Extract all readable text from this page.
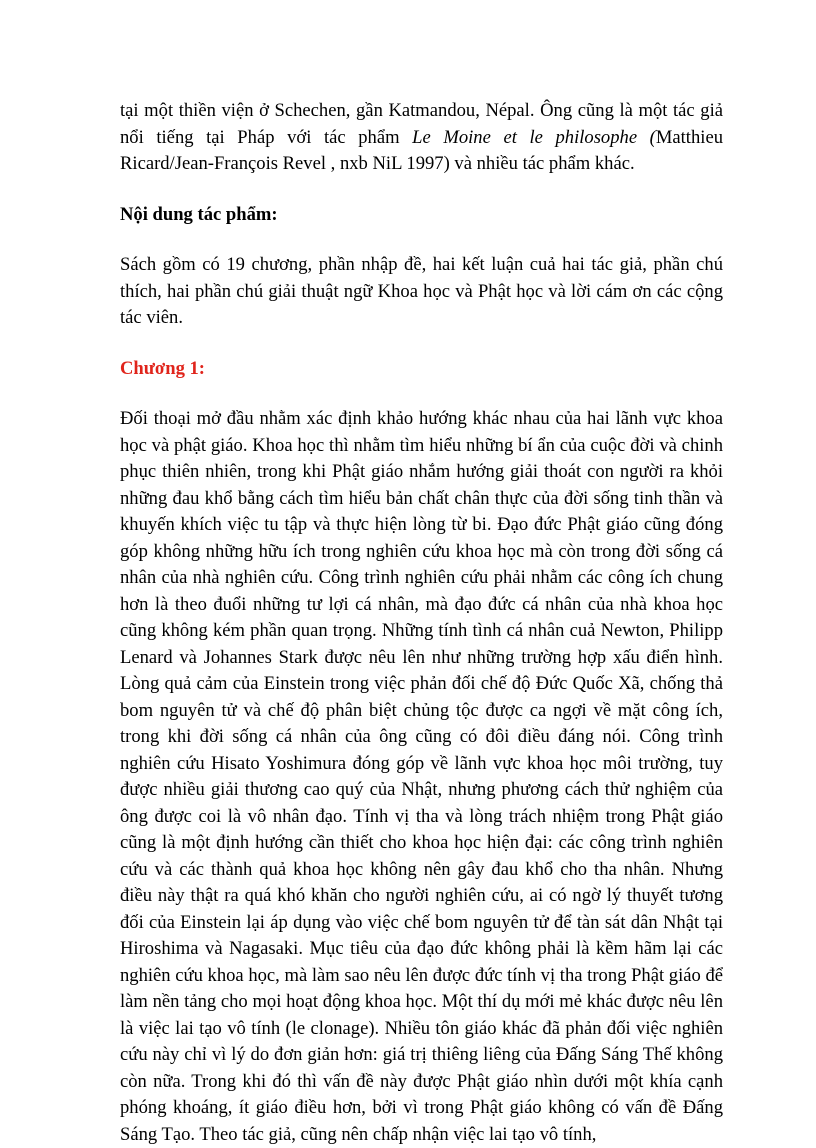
tại một thiền viện ở Schechen, gần Katmandou, Népal. Ông cũng là một tác giả nổi tiếng tại Pháp với tác phẩm Le Moine et le philosophe (Matthieu Ricard/Jean-François Revel , nxb NiL 1997) và nhiều tác phẩm khác.

Nội dung tác phẩm:

Sách gồm có 19 chương, phần nhập đề, hai kết luận cuả hai tác giả, phần chú thích, hai phần chú giải thuật ngữ Khoa học và Phật học và lời cám ơn các cộng tác viên.

Chương 1:

Đối thoại mở đầu nhằm xác định khảo hướng khác nhau của hai lãnh vực khoa học và phật giáo. Khoa học thì nhằm tìm hiểu những bí ẩn của cuộc đời và chinh phục thiên nhiên, trong khi Phật giáo nhắm hướng giải thoát con người ra khỏi những đau khổ bằng cách tìm hiểu bản chất chân thực của đời sống tinh thần và khuyến khích việc tu tập và thực hiện lòng từ bi. Đạo đức Phật giáo cũng đóng góp không những hữu ích trong nghiên cứu khoa học mà còn trong đời sống cá nhân của nhà nghiên cứu. Công trình nghiên cứu phải nhằm các công ích chung hơn là theo đuổi những tư lợi cá nhân, mà đạo đức cá nhân của nhà khoa học cũng không kém phần quan trọng. Những tính tình cá nhân cuả Newton, Philipp Lenard và Johannes Stark được nêu lên như những trường hợp xấu điển hình. Lòng quả cảm của Einstein trong việc phản đối chế độ Đức Quốc Xã, chống thả bom nguyên tử và chế độ phân biệt chủng tộc được ca ngợi về mặt công ích, trong khi đời sống cá nhân của ông cũng có đôi điều đáng nói. Công trình nghiên cứu Hisato Yoshimura đóng góp về lãnh vực khoa học môi trường, tuy được nhiều giải thương cao quý của Nhật, nhưng phương cách thử nghiệm của ông được coi là vô nhân đạo. Tính vị tha và lòng trách nhiệm trong Phật giáo cũng là một định hướng cần thiết cho khoa học hiện đại: các công trình nghiên cứu và các thành quả khoa học không nên gây đau khổ cho tha nhân. Nhưng điều này thật ra quá khó khăn cho người nghiên cứu, ai có ngờ lý thuyết tương đối của Einstein lại áp dụng vào việc chế bom nguyên tử để tàn sát dân Nhật tại Hiroshima và Nagasaki. Mục tiêu của đạo đức không phải là kềm hãm lại các nghiên cứu khoa học, mà làm sao nêu lên được đức tính vị tha trong Phật giáo để làm nền tảng cho mọi hoạt động khoa học. Một thí dụ mới mẻ khác được nêu lên là việc lai tạo vô tính (le clonage). Nhiều tôn giáo khác đã phản đối việc nghiên cứu này chỉ vì lý do đơn giản hơn: giá trị thiêng liêng của Đấng Sáng Thế không còn nữa. Trong khi đó thì vấn đề này được Phật giáo nhìn dưới một khía cạnh phóng khoáng, ít giáo điều hơn, bởi vì trong Phật giáo không có vấn đề Đấng Sáng Tạo. Theo tác giả, cũng nên chấp nhận việc lai tạo vô tính,
